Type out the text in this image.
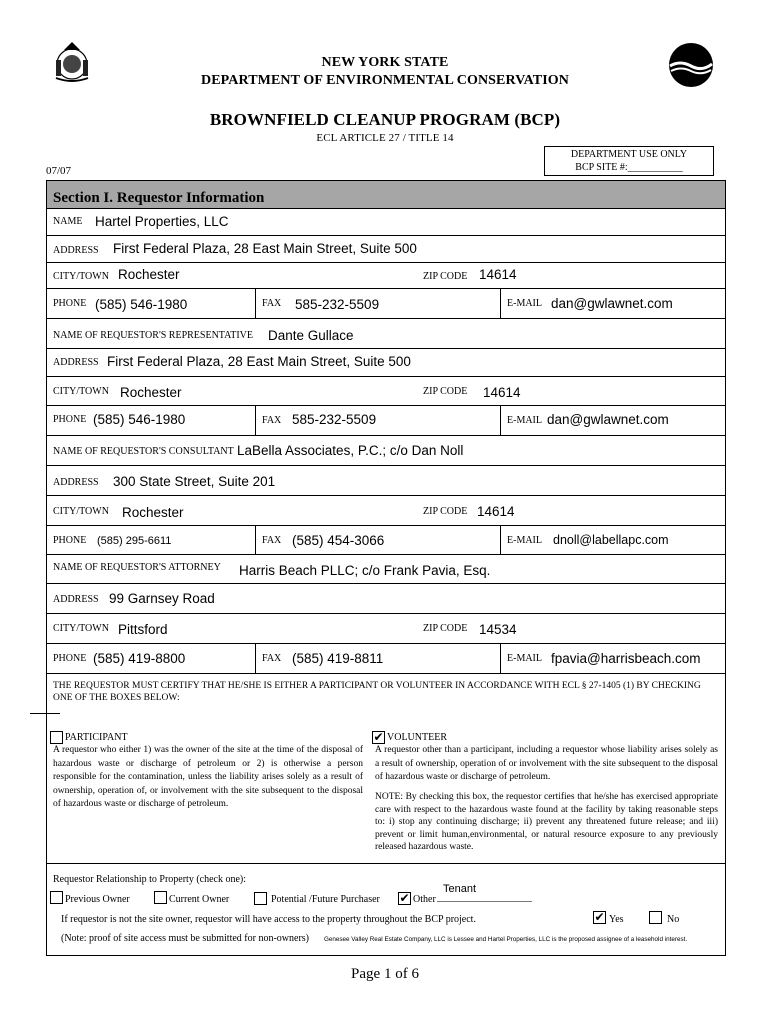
NEW YORK STATE
DEPARTMENT OF ENVIRONMENTAL CONSERVATION
BROWNFIELD CLEANUP PROGRAM (BCP)
ECL ARTICLE 27 / TITLE 14
DEPARTMENT USE ONLY
BCP SITE #:___________
07/07
Section I. Requestor Information
NAME Hartel Properties, LLC
ADDRESS First Federal Plaza, 28 East Main Street, Suite 500
CITY/TOWN Rochester	ZIP CODE 14614
PHONE (585) 546-1980	FAX 585-232-5509	E-MAIL dan@gwlawnet.com
NAME OF REQUESTOR'S REPRESENTATIVE Dante Gullace
ADDRESS First Federal Plaza, 28 East Main Street, Suite 500
CITY/TOWN Rochester	ZIP CODE 14614
PHONE (585) 546-1980	FAX 585-232-5509	E-MAIL dan@gwlawnet.com
NAME OF REQUESTOR'S CONSULTANT LaBella Associates, P.C.; c/o Dan Noll
ADDRESS 300 State Street, Suite 201
CITY/TOWN Rochester	ZIP CODE 14614
PHONE (585) 295-6611	FAX (585) 454-3066	E-MAIL dnoll@labellapc.com
NAME OF REQUESTOR'S ATTORNEY Harris Beach PLLC; c/o Frank Pavia, Esq.
ADDRESS 99 Garnsey Road
CITY/TOWN Pittsford	ZIP CODE 14534
PHONE (585) 419-8800	FAX (585) 419-8811	E-MAIL fpavia@harrisbeach.com
THE REQUESTOR MUST CERTIFY THAT HE/SHE IS EITHER A PARTICIPANT OR VOLUNTEER IN ACCORDANCE WITH ECL § 27-1405 (1) BY CHECKING ONE OF THE BOXES BELOW:
PARTICIPANT
A requestor who either 1) was the owner of the site at the time of the disposal of hazardous waste or discharge of petroleum or 2) is otherwise a person responsible for the contamination, unless the liability arises solely as a result of ownership, operation of, or involvement with the site subsequent to the disposal of hazardous waste or discharge of petroleum.
✔ VOLUNTEER
A requestor other than a participant, including a requestor whose liability arises solely as a result of ownership, operation of or involvement with the site subsequent to the disposal of hazardous waste or discharge of petroleum.
NOTE: By checking this box, the requestor certifies that he/she has exercised appropriate care with respect to the hazardous waste found at the facility by taking reasonable steps to: i) stop any continuing discharge; ii) prevent any threatened future release; and iii) prevent or limit human,environmental, or natural resource exposure to any previously released hazardous waste.
Requestor Relationship to Property (check one):
Previous Owner	Current Owner	Potential /Future Purchaser ✔ Other ___________________
Tenant
If requestor is not the site owner, requestor will have access to the property throughout the BCP project.	✔ Yes	No
(Note: proof of site access must be submitted for non-owners) Genesee Valley Real Estate Company, LLC is Lessee and Hartel Properties, LLC is the proposed assignee of a leasehold interest.
Page 1 of 6
